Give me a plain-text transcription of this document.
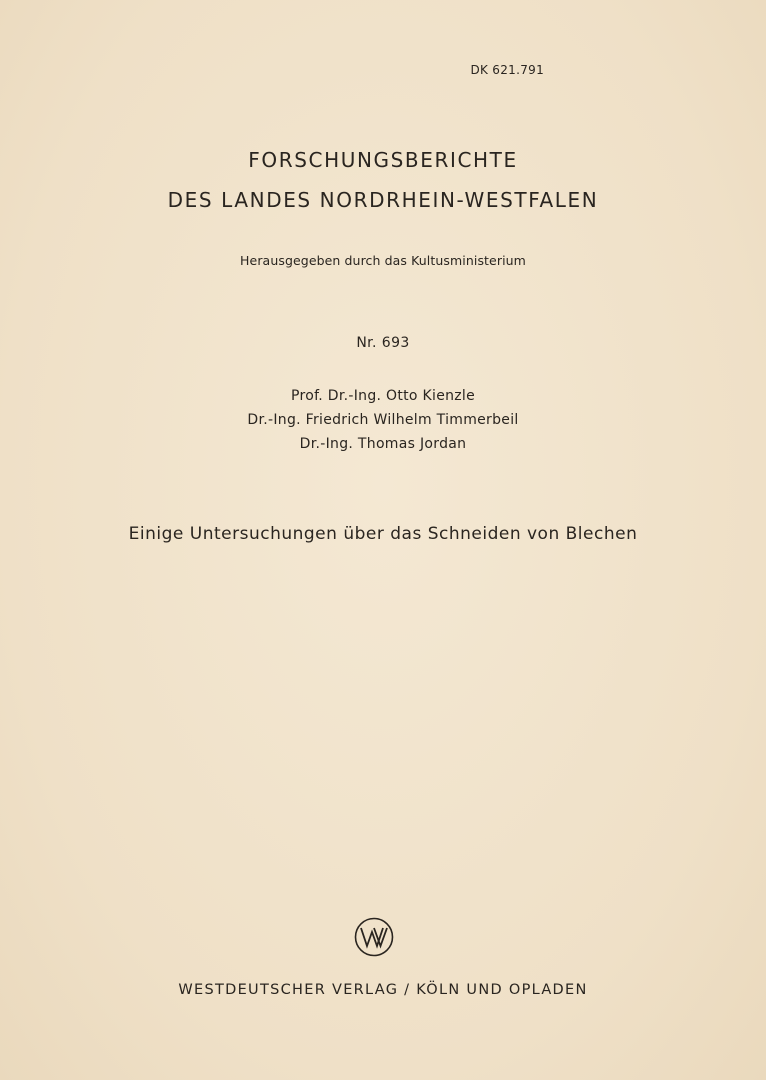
DK 621.791
FORSCHUNGSBERICHTE
DES LANDES NORDRHEIN-WESTFALEN
Herausgegeben durch das Kultusministerium
Nr. 693
Prof. Dr.-Ing. Otto Kienzle
Dr.-Ing. Friedrich Wilhelm Timmerbeil
Dr.-Ing. Thomas Jordan
Einige Untersuchungen über das Schneiden von Blechen
WESTDEUTSCHER VERLAG / KÖLN UND OPLADEN
